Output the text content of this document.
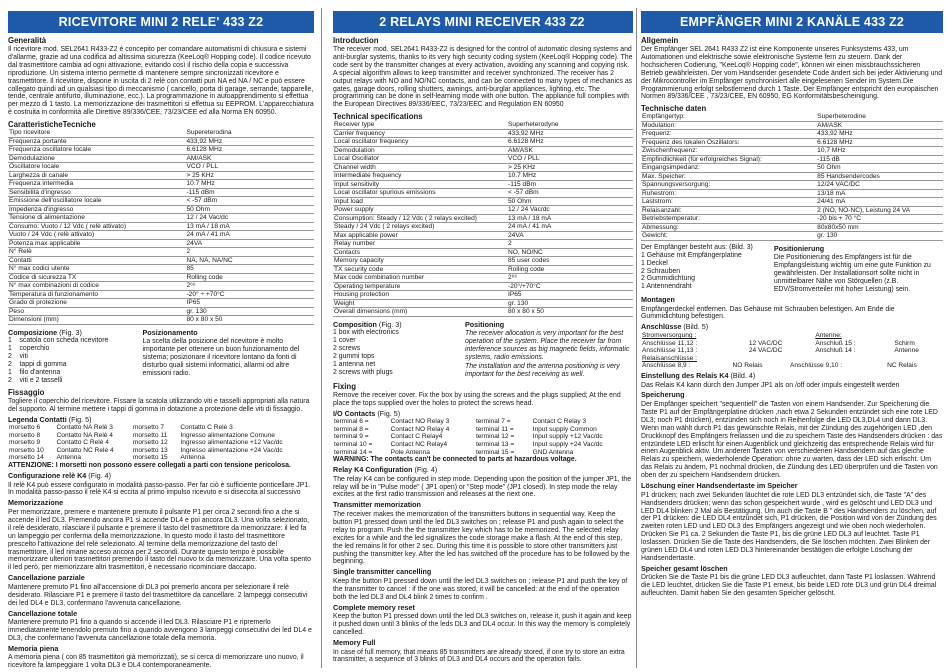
RICEVITORE MINI 2 RELE' 433 Z2
Generalità
Il ricevitore mod. SEL2641 R433-Z2 è concepito per comandare automatismi di chiusura e sistemi d'allarme, grazie ad una codifica ad altissima sicurezza (KeeLoq® Hopping code). Il codice ricevuto dal trasmettitore cambia ad ogni attivazione, evitando così il rischio della copia e successiva riproduzione. Un sistema interno permette di mantenere sempre sincronizzati ricevitore e trasmettitore. Il ricevitore, dispone in uscita di 2 relè con contatti puri NA ed NA / NC e può essere collegato quindi ad un qualsiasi tipo di meccanismo ( cancello, porta di garage, serrande, tapparelle, tende, centrale antifurto, illuminazione, ecc.). La programmazione in autoapprendimento si effettua per mezzo di 1 tasto. La memorizzazione dei trasmettitori si effettua su EEPROM. L'apparecchiatura è costruita in conformità alle Direttive 89/336/CEE, 73/23/CEE ed alla Norma EN 60950.
CaratteristicheTecniche
Tipo ricevitore	Supereterodina
Frequenza portante	433,92 MHz
Frequenza oscillatore locale	6.6128 MHz
Demodulazione	AM/ASK
Oscillatore locale	VCO / PLL
Larghezza di canale	> 25 KHz
Frequenza intermedia	10.7 MHz
Sensibilità d'ingresso	-115 dBm
Emissione dell'oscillatore locale	< -57 dBm
Impedenza d'ingresso	50 Ohm
Tensione di alimentazione	12 / 24 Vac/dc
Consumo: Vuoto / 12 Vdc ( relè attivato)	13 mA / 18 mA
Vuoto / 24 Vdc ( relè attivato)	24 mA / 41 mA
Potenza max applicabile	24VA
N° Relè	2
Contatti	NA, NA, NA/NC
N° max codici utente	85
Codice di sicurezza TX	Rolling code
N° max combinazioni di codice	2⁶⁶
Temperatura di funzionamento	-20° ÷ +70°C
Grado di protezione	IP65
Peso	gr. 130
Dimensioni (mm)	80 x 80 x 50
Composizione (Fig. 3)
1    scatola con scheda ricevitore
1    coperchio
2    viti
2    tappi di gomma
1    filo d'antenna
2    viti e 2 tasselli
Posizionamento
La scelta della posizione del ricevitore è molto importante per ottenere un buon funzionamento del sistema; posizionare il ricevitore lontano da fonti di disturbo quali sistemi informatici, allarmi od altre emissioni radio.
Fissaggio
Togliere il coperchio del ricevitore. Fissare la scatola utilizzando viti e tasselli appropriati alla natura del supporto. Al termine mettere i tappi di gomma in dotazione a protezione delle viti di fissaggio.
Legenda Contatti (Fig. 5)
morsetto 6	Contatto NA Relè 3	morsetto 7	Contatto C Relè 3
morsetto 8	Contatto NA Relè 4	morsetto 11	Ingresso alimentazione Comune
morsetto 9	Contatto C Relè 4	morsetto 12	Ingresso alimentazione +12 Vac/dc
morsetto 10	Contatto NC Relè 4	morsetto 13	Ingresso alimentazione +24 Vac/dc
morsetto 14	Antenna	morsetto 15	Antenna
ATTENZIONE: I morsetti non possono essere collegati a parti con tensione pericolosa.
Configurazione relè K4 (Fig. 4)
Il relè K4 può essere configurato in modalità passo-passo. Per far ciò è sufficiente ponticellare JP1. In modalità passo-passo il relè K4 si eccita al primo impulso ricevuto e si diseccita al successivo
Memorizzazione
Per memorizzare, premere e mantenere premuto il pulsante P1 per circa 2 secondi fino a che si accende il led DL3. Premendo ancora P1 si accende DL4 e poi ancora DL3. Una volta selezionato, il relè desiderato, rilasciare il pulsante e premere il tasto del trasmettitore da memorizzare: il led fa un lampeggio per conferma della memorizzazione. In questo modo il tasto del trasmettitore prescelto l'attivazione del relè selezionato. Al termine della memorizzazione del tasto del trasmettitore, il led rimane acceso ancora per 2 secondi. Durante questo tempo è possibile memorizzare ulteriori trasmettitori premendo il tasto del nuovo tx da memorizzare. Una volta spento il led però, per memorizzare altri trasmettitori, è necessario ricominciare daccapo.
Cancellazione parziale
Mantenere premuto P1 fino all'accensione di DL3 poi premerlo ancora per selezionare il relè desiderato. Rilasciare P1 e premere il tasto del trasmettitore da cancellare. 2 lampeggi consecutivi dei led DL4 e DL3, confermano l'avvenuta cancellazione.
Cancellazione totale
Mantenere premuto P1 fino a quando si accende il led DL3. Rilasciare P1 e ripremerlo immediatamente tenendolo premuto fino a quando avvengono 3 lampeggi consecutivi dei led DL4 e DL3, che confermano l'avvenuta cancellazione totale della memoria.
Memoria piena
A memoria piena ( con 85 trasmettitori già memorizzati), se si cerca di memorizzare uno nuovo, il ricevitore fa lampeggiare 1 volta DL3 e DL4 contemporaneamente.
2 RELAYS MINI RECEIVER 433 Z2
Introduction
The receiver mod. SEL2641 R433-Z2 is designed for the control of automatic closing systems and anti-burglar systems, thanks to its very high security coding system (KeeLoq® Hopping code). The code sent by the transmitter changes at every activation, avoiding any scanning and copying risk. A special algorithm allows to keep transmitter and receiver synchronized. The receiver has 2 output relays with NO and NO/NC contacts, and can be connected to many types of mechanics as gates, garage doors, rolling shutters, awnings, anti-burglar appliances, lighting, etc. The programming can be done in self-learning mode with one button. The appliance full complies with the European Directives 89/336/EEC, 73/23/EEC and Regulation EN 60950
Technical specifications
Receiver type	Superheterodyne
Carrier frequency	433,92 MHz
Local oscillator frequency	6.6128 MHz
Demodulation	AM/ASK
Local Oscillator	VCO / PLL
Channel width	> 25 KHz
Intermediate frequency	10.7 MHz
Input sensitivity	-115 dBm
Local oscillator spurious emissions	< -57 dBm
Input load	50 Ohm
Power supply	12 / 24 Vac/dc
Consumption: Steady / 12 Vdc ( 2 relays excited)	13 mA / 18 mA
Steady / 24 Vdc ( 2 relays excited)	24 mA / 41 mA
Max applicable power	24VA
Relay number	2
Contacts	NO, NO/NC
Memory capacity	85 user codes
TX security code	Rolling code
Max code combination number	2⁶⁶
Operating temperature	-20°/+70°C
Housing protection	IP65
Weight	gr. 130
Overall dimensions (mm)	80 x 80 x 50
Composition (Fig. 3)
1 box with electronics
1 cover
2 screws
2 gummi tops
1 antenna net
2 screws with plugs
Positioning
The receiver allocation is very important for the best operation of the system. Place the receiver far from interference sources as big magnetic fields, informatic systems, radio emissions.
The installation and the antenna positioning is very important for the best receiving as well.
Fixing
Remove the receiver cover. Fix the box by using the screws and the plugs supplied; At the end place the tops supplied over the holes to protect the screws head.
I/O Contacts (Fig. 5)
terminal 6 =	Contact NO Relay 3	terminal 7 =	Contact C Relay 3
terminal 8 =	Contact NO Relay 4	terminal 11 =	Input supply Common
terminal 9 =	Contact C Relay4	terminal 12 =	Input supply +12 Vac/dc
terminal 10 =	Contact NC Relay4	terminal 13 =	Input supply +24 Vac/dc
terminal 14 =	Pole Antenna	terminal 15 =	GND Antenna
WARNING: The contacts can't be connected to parts at hazardous voltage.
Relay K4 Configuration (Fig. 4)
The relay K4 can be configured in step mode. Depending upon the position of the jumper JP1, the relay will be in "Pulse mode" ( JP1 open) or "Step mode" (JP1 closed). In step mode the relay excites at the first radio transmission and releases at the next one.
Transmitter memorization
The receiver makes the memorization of the transmitters buttons in sequential way. Keep the button P1 pressed down until the led DL3 switches on ; release P1 and push again to select the relay to program. Push the the transmitter key which has to be memorized. The selected relay excites for a while and the led signalizes the code storage make a flash. At the end of this step, the led remains lit for other 2 sec. During this time it is possible to store other transmitters just pushing the transmitter key. After the led has switched off the procedure has to be followed by the beginning.
Single transmitter cancelling
Keep the button P1 pressed down until the led DL3 switches on ; release P1 and push the key of the transmitter to cancel : if the one was stored, it will be cancelled: at the end of the operation both the led DL3 and DL4 blink 2 times to confirm .
Complete memory reset
Keep the button P1 pressed down until the led DL3 switches on, release it, push it again and keep it pushed down until 3 blinks of the leds DL3 and DL4 occur. In this way the memory is completely cancelled.
Memory Full
In case of full memory, that means 85 transmitters are already stored, if one try to store an extra transmitter, a sequence of 3 blinks of DL3 and DL4 occurs and the operation fails.
EMPFÄNGER MINI 2 KANÄLE 433 Z2
Allgemein
Der Empfänger SEL 2641 R433 Z2 ist eine Komponente unseres Funksystems 433, um Automationen und elektrische sowie elektronische Systeme fern zu steuern. Dank der hochsicheren Codierung, "KeeLoq® Hopping code", können wir einen missbrauchssicheren Betrieb gewährleisten. Der vom Handsender gesendete Code ändert sich bei jeder Aktivierung und der Mikrocontroller im Empfänger synchronisiert alle eingelesenen Sender im System.Die Programmierung erfolgt selbstlernend durch 1 Taste. Der Empfänger entspricht den europäischen Normen 89/336/CEE , 73/23/CEE, EN 60950, EG Konformitätsbescheinigung.
Technische daten
Empfängertyp:	Superheterodine
Modulation:	AM/ASK
Frequenz:	433,92 MHz
Frequenz des lokalen Oszillators:	6.6128 MHz
Zwischenfrequenz:	10,7 MHz
Empfindlichkeit (für erfolgreiches Signal):	-115 dB
Eingangsimpedanz:	50 Ohm
Max. Speicher:	85 Handsendercodes
Spannungsversorgung:	12/24 VAC/DC
Ruhestrom:	13/18 mA
Laststrom:	24/41 mA
Relaisanzahl:	2 (NO, NO-NC), Leistung 24 VA
Betriebstemperatur:	-20 bis + 70 °C
Abmessung:	80x80x50 mm
Gewicht:	gr. 130
Der Empfänger besteht aus: (Bild. 3)
1 Gehäuse mit Empfängerplatine
1 Deckel
2 Schrauben
2 Gummidichtung
1 Antennendraht
Positionierung
Die Positionierung des Empfängers ist für die Empfangsleistung wichtig um eine gute Funktion zu gewährleisten. Der Installationsort sollte nicht in unmittelbarer Nähe von Störquellen (z.B. EDV/Stromverteiler mit hoher Leistung) sein.
Montagen
Empfängerdeckel entfernen. Das Gehäuse mit Schrauben befestigen. Am Ende die Gummidichtung befestigen.
Anschlüsse (Bild. 5)
Stromversorgung :		Antenne:	
Anschlüsse 11,12 :	12 VAC/DC	Anschluß 15 :	Schirm
Anschlüsse 11,13 :	24 VAC/DC	Anschluß 14 :	Antenne
Relaisanschlüsse :
Anschlüsse 8,9 :	NO Relais	Anschlüsse 9,10 :	NC Relais
Einstellung des Relais K4 (Bild. 4)
Das Relais K4 kann durch den Jumper JP1 als on /off oder impuls eingestellt werden
Speicherung
Der Empfänger speichert "sequentiell" die Tasten von einem Handsender. Zur Speicherung die Taste P1 auf der Empfängerplatine drücken ,nach etwa 2 Sekunden entzündet sich eine rote LED DL3; noch P1 drücken), entzünden sich noch in Reihenfolge die LED DL3,DL4 und dann DL3. Wenn man wählt durch P1 das gewünschte Relais, mit der Zündung des zugehörigen LED ,den Druckknopf des Empfängers freilassen und die zu speichern Taste des Handsenders drücken : das entzündete LED erlischt für einen Augenblick und gleichzeitig das entsprechende Relais wird für einen Augenblick aktiv. Um anderen Tasten von verschiedenen Handsendern auf das gleiche Relais zu speichern, wiederholende Operation: ohne zu warten, dass der LED sich erlischt. Um das Relais zu ändern, P1 nochmal drücken, die Zündung des LED überprüfen und die Tasten von oben der zu speichern Handsendern drücken.
Löschung einer Handsendertaste im Speicher
P1 drücken; nach zwei Sekunden läuchtet die rote LED DL3 entzündet sich, die Taste "A" des Handsenders drücken; wenn das schon gespeichert wurde , wird es gelöscht und LED DL3 und LED DL4 blinken 2 Mal als Bestätigung. Um auch die Taste B " des Handsenders zu löschen, auf der P1 drücken: die LED DL4 entzündet sich, P1 drücken, die Position wird von der Zündung des zweiten roten LED und LED DL3 des Empfängers angezeigt und wie oben noch wiederholen. Drücken Sie P1 ca. 2 Sekunden die Taste P1, bis die grüne LED DL3 auf leuchtet. Taste P1 loslassen. Drücken Sie die Taste des Handsenders, die Sie löschen möchten. Zwei Blinken der grünen LED DL4 und roten LED DL3 hintereinander bestätigen die erfolgte Löschung der Handsendertaste.
Speicher gesamt löschen
Drücken Sie die Taste P1 bis die grüne LED DL3 aufleuchtet, dann Taste P1 loslassen. Während die LED leuchtet, drücken Sie die Taste P1 erneut, bis beide LED rote DL3 und grün DL4 dreimal aufleuchten. Damit haben Sie den gesamten Speicher gelöscht.
